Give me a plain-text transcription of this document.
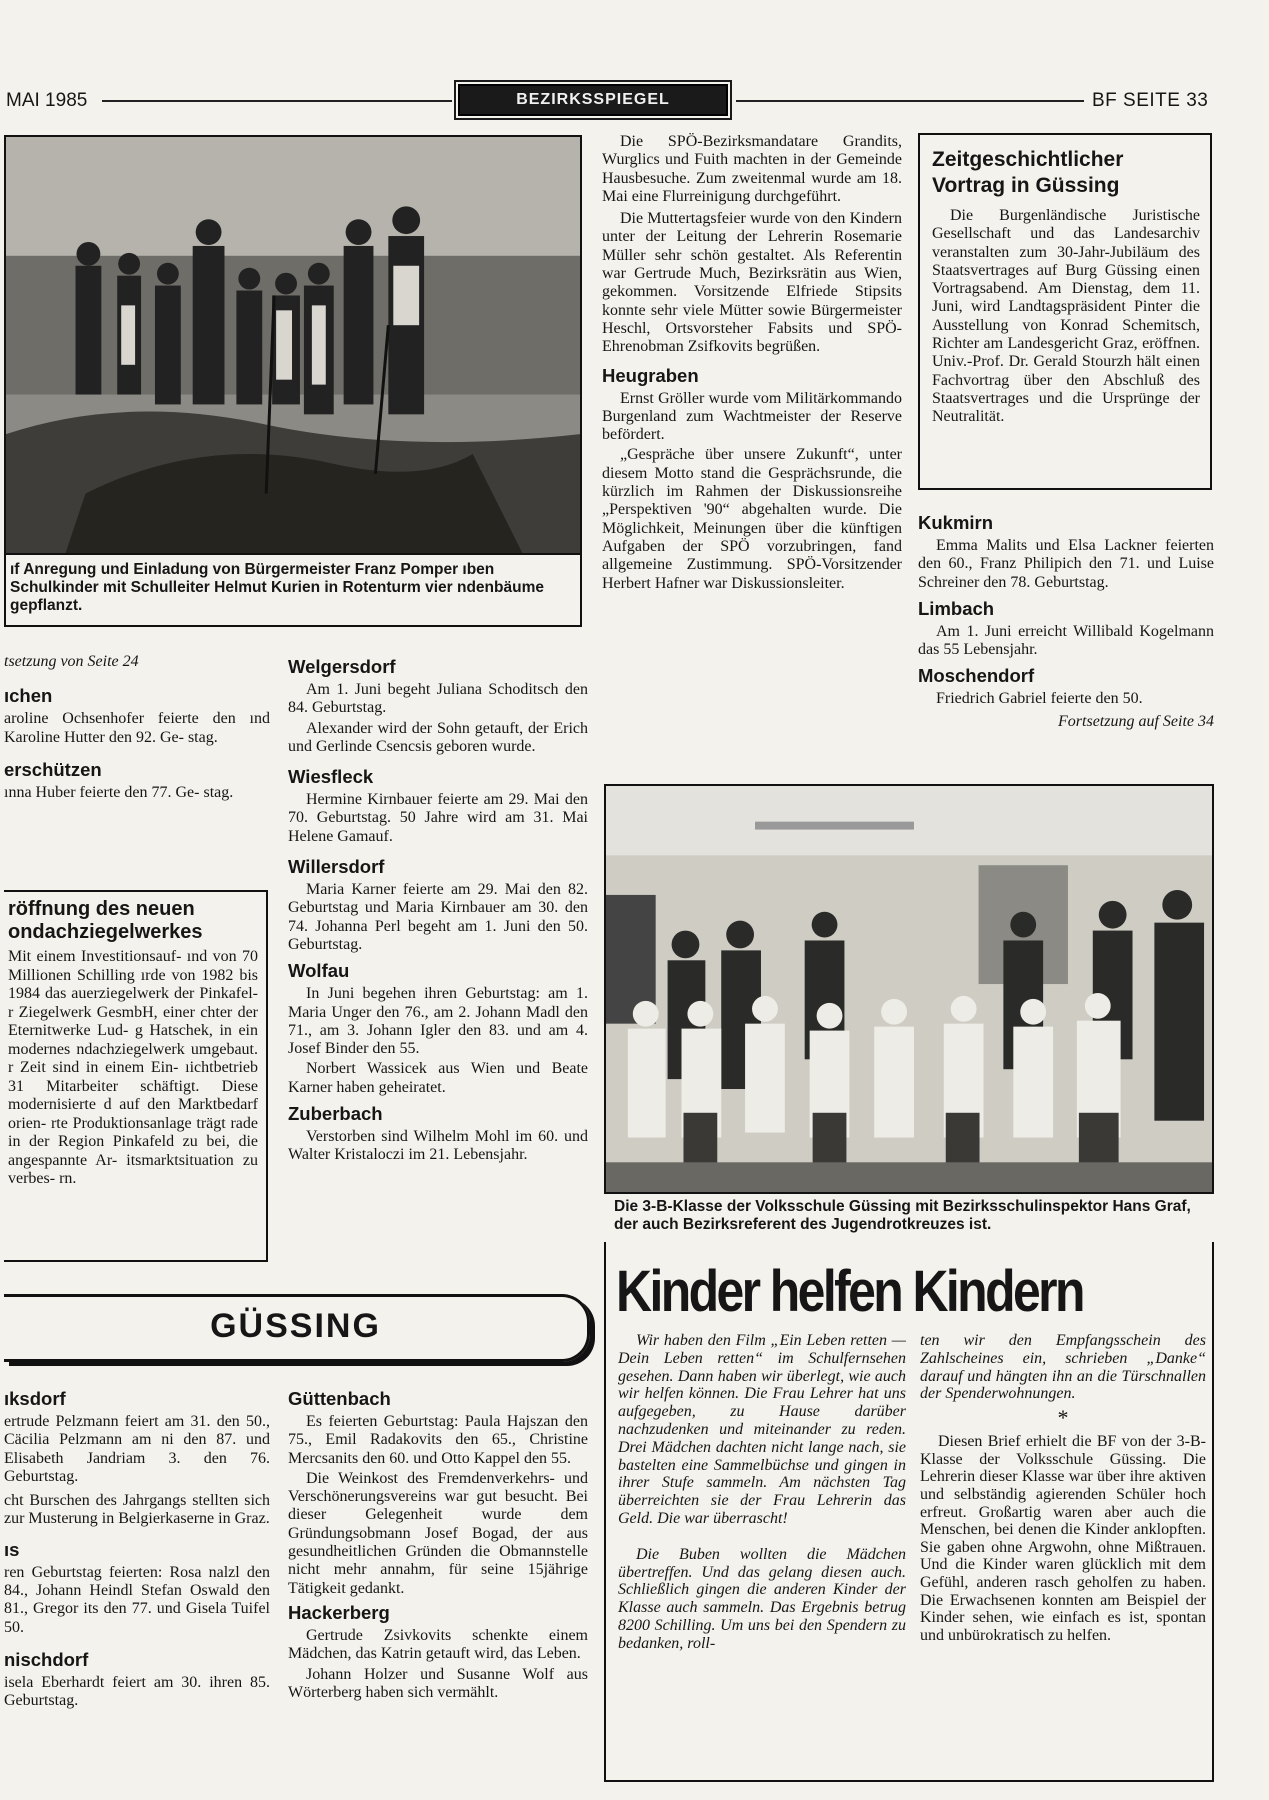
MAI 1985	BEZIRKSSPIEGEL	BF SEITE 33
ıf Anregung und Einladung von Bürgermeister Franz Pomper ıben Schulkinder mit Schulleiter Helmut Kurien in Rotenturm vier ndenbäume gepflanzt.

tsetzung von Seite 24

ıchen

aroline Ochsenhofer feierte den ınd Karoline Hutter den 92. Ge- stag.

erschützen

ınna Huber feierte den 77. Ge- stag.

röffnung des neuen ondachziegelwerkes

Mit einem Investitionsauf- ınd von 70 Millionen Schilling ırde von 1982 bis 1984 das auerziegelwerk der Pinkafel- r Ziegelwerk GesmbH, einer chter der Eternitwerke Lud- g Hatschek, in ein modernes ndachziegelwerk umgebaut. r Zeit sind in einem Ein- ıichtbetrieb 31 Mitarbeiter schäftigt. Diese modernisierte d auf den Marktbedarf orien- rte Produktionsanlage trägt rade in der Region Pinkafeld zu bei, die angespannte Ar- itsmarktsituation zu verbes- rn.

Welgersdorf

Am 1. Juni begeht Juliana Schoditsch den 84. Geburtstag.

Alexander wird der Sohn getauft, der Erich und Gerlinde Csencsis geboren wurde.

Wiesfleck

Hermine Kirnbauer feierte am 29. Mai den 70. Geburtstag. 50 Jahre wird am 31. Mai Helene Gamauf.

Willersdorf

Maria Karner feierte am 29. Mai den 82. Geburtstag und Maria Kirnbauer am 30. den 74. Johanna Perl begeht am 1. Juni den 50. Geburtstag.

Wolfau

In Juni begehen ihren Geburtstag: am 1. Maria Unger den 76., am 2. Johann Madl den 71., am 3. Johann Igler den 83. und am 4. Josef Binder den 55.

Norbert Wassicek aus Wien und Beate Karner haben geheiratet.

Zuberbach

Verstorben sind Wilhelm Mohl im 60. und Walter Kristaloczi im 21. Lebensjahr.

Die SPÖ-Bezirksmandatare Grandits, Wurglics und Fuith machten in der Gemeinde Hausbesuche. Zum zweitenmal wurde am 18. Mai eine Flurreinigung durchgeführt.

Die Muttertagsfeier wurde von den Kindern unter der Leitung der Lehrerin Rosemarie Müller sehr schön gestaltet. Als Referentin war Gertrude Much, Bezirksrätin aus Wien, gekommen. Vorsitzende Elfriede Stipsits konnte sehr viele Mütter sowie Bürgermeister Heschl, Ortsvorsteher Fabsits und SPÖ-Ehrenobman Zsifkovits begrüßen.

Heugraben

Ernst Gröller wurde vom Militärkommando Burgenland zum Wachtmeister der Reserve befördert.

„Gespräche über unsere Zukunft“, unter diesem Motto stand die Gesprächsrunde, die kürzlich im Rahmen der Diskussionsreihe „Perspektiven '90“ abgehalten wurde. Die Möglichkeit, Meinungen über die künftigen Aufgaben der SPÖ vorzubringen, fand allgemeine Zustimmung. SPÖ-Vorsitzender Herbert Hafner war Diskussionsleiter.

Zeitgeschichtlicher Vortrag in Güssing

Die Burgenländische Juristische Gesellschaft und das Landesarchiv veranstalten zum 30-Jahr-Jubiläum des Staatsvertrages auf Burg Güssing einen Vortragsabend. Am Dienstag, dem 11. Juni, wird Landtagspräsident Pinter die Ausstellung von Konrad Schemitsch, Richter am Landesgericht Graz, eröffnen. Univ.-Prof. Dr. Gerald Stourzh hält einen Fachvortrag über den Abschluß des Staatsvertrages und die Ursprünge der Neutralität.

Kukmirn

Emma Malits und Elsa Lackner feierten den 60., Franz Philipich den 71. und Luise Schreiner den 78. Geburtstag.

Limbach

Am 1. Juni erreicht Willibald Kogelmann das 55 Lebensjahr.

Moschendorf

Friedrich Gabriel feierte den 50.

Fortsetzung auf Seite 34

Die 3-B-Klasse der Volksschule Güssing mit Bezirksschulinspektor Hans Graf, der auch Bezirksreferent des Jugendrotkreuzes ist.
GÜSSING
ıksdorf

ertrude Pelzmann feiert am 31. den 50., Cäcilia Pelzmann am ni den 87. und Elisabeth Jandriam 3. den 76. Geburtstag.

cht Burschen des Jahrgangs stellten sich zur Musterung in Belgierkaserne in Graz.

ıs

ren Geburtstag feierten: Rosa nalzl den 84., Johann Heindl Stefan Oswald den 81., Gregor its den 77. und Gisela Tuifel 50.

nischdorf

isela Eberhardt feiert am 30. ihren 85. Geburtstag.

Güttenbach

Es feierten Geburtstag: Paula Hajszan den 75., Emil Radakovits den 65., Christine Mercsanits den 60. und Otto Kappel den 55.

Die Weinkost des Fremdenverkehrs- und Verschönerungsvereins war gut besucht. Bei dieser Gelegenheit wurde dem Gründungsobmann Josef Bogad, der aus gesundheitlichen Gründen die Obmannstelle nicht mehr annahm, für seine 15jährige Tätigkeit gedankt.

Hackerberg

Gertrude Zsivkovits schenkte einem Mädchen, das Katrin getauft wird, das Leben.

Johann Holzer und Susanne Wolf aus Wörterberg haben sich vermählt.

Kinder helfen Kindern

Wir haben den Film „Ein Leben retten — Dein Leben retten“ im Schulfernsehen gesehen. Dann haben wir überlegt, wie auch wir helfen können. Die Frau Lehrer hat uns aufgegeben, zu Hause darüber nachzudenken und miteinander zu reden. Drei Mädchen dachten nicht lange nach, sie bastelten eine Sammelbüchse und gingen in ihrer Stufe sammeln. Am nächsten Tag überreichten sie der Frau Lehrerin das Geld. Die war überrascht!

Die Buben wollten die Mädchen übertreffen. Und das gelang diesen auch. Schließlich gingen die anderen Kinder der Klasse auch sammeln. Das Ergebnis betrug 8200 Schilling. Um uns bei den Spendern zu bedanken, roll-

ten wir den Empfangsschein des Zahlscheines ein, schrieben „Danke“ darauf und hängten ihn an die Türschnallen der Spenderwohnungen.

*

Diesen Brief erhielt die BF von der 3-B-Klasse der Volksschule Güssing. Die Lehrerin dieser Klasse war über ihre aktiven und selbständig agierenden Schüler hoch erfreut. Großartig waren aber auch die Menschen, bei denen die Kinder anklopften. Sie gaben ohne Argwohn, ohne Mißtrauen. Und die Kinder waren glücklich mit dem Gefühl, anderen rasch geholfen zu haben. Die Erwachsenen konnten am Beispiel der Kinder sehen, wie einfach es ist, spontan und unbürokratisch zu helfen.
